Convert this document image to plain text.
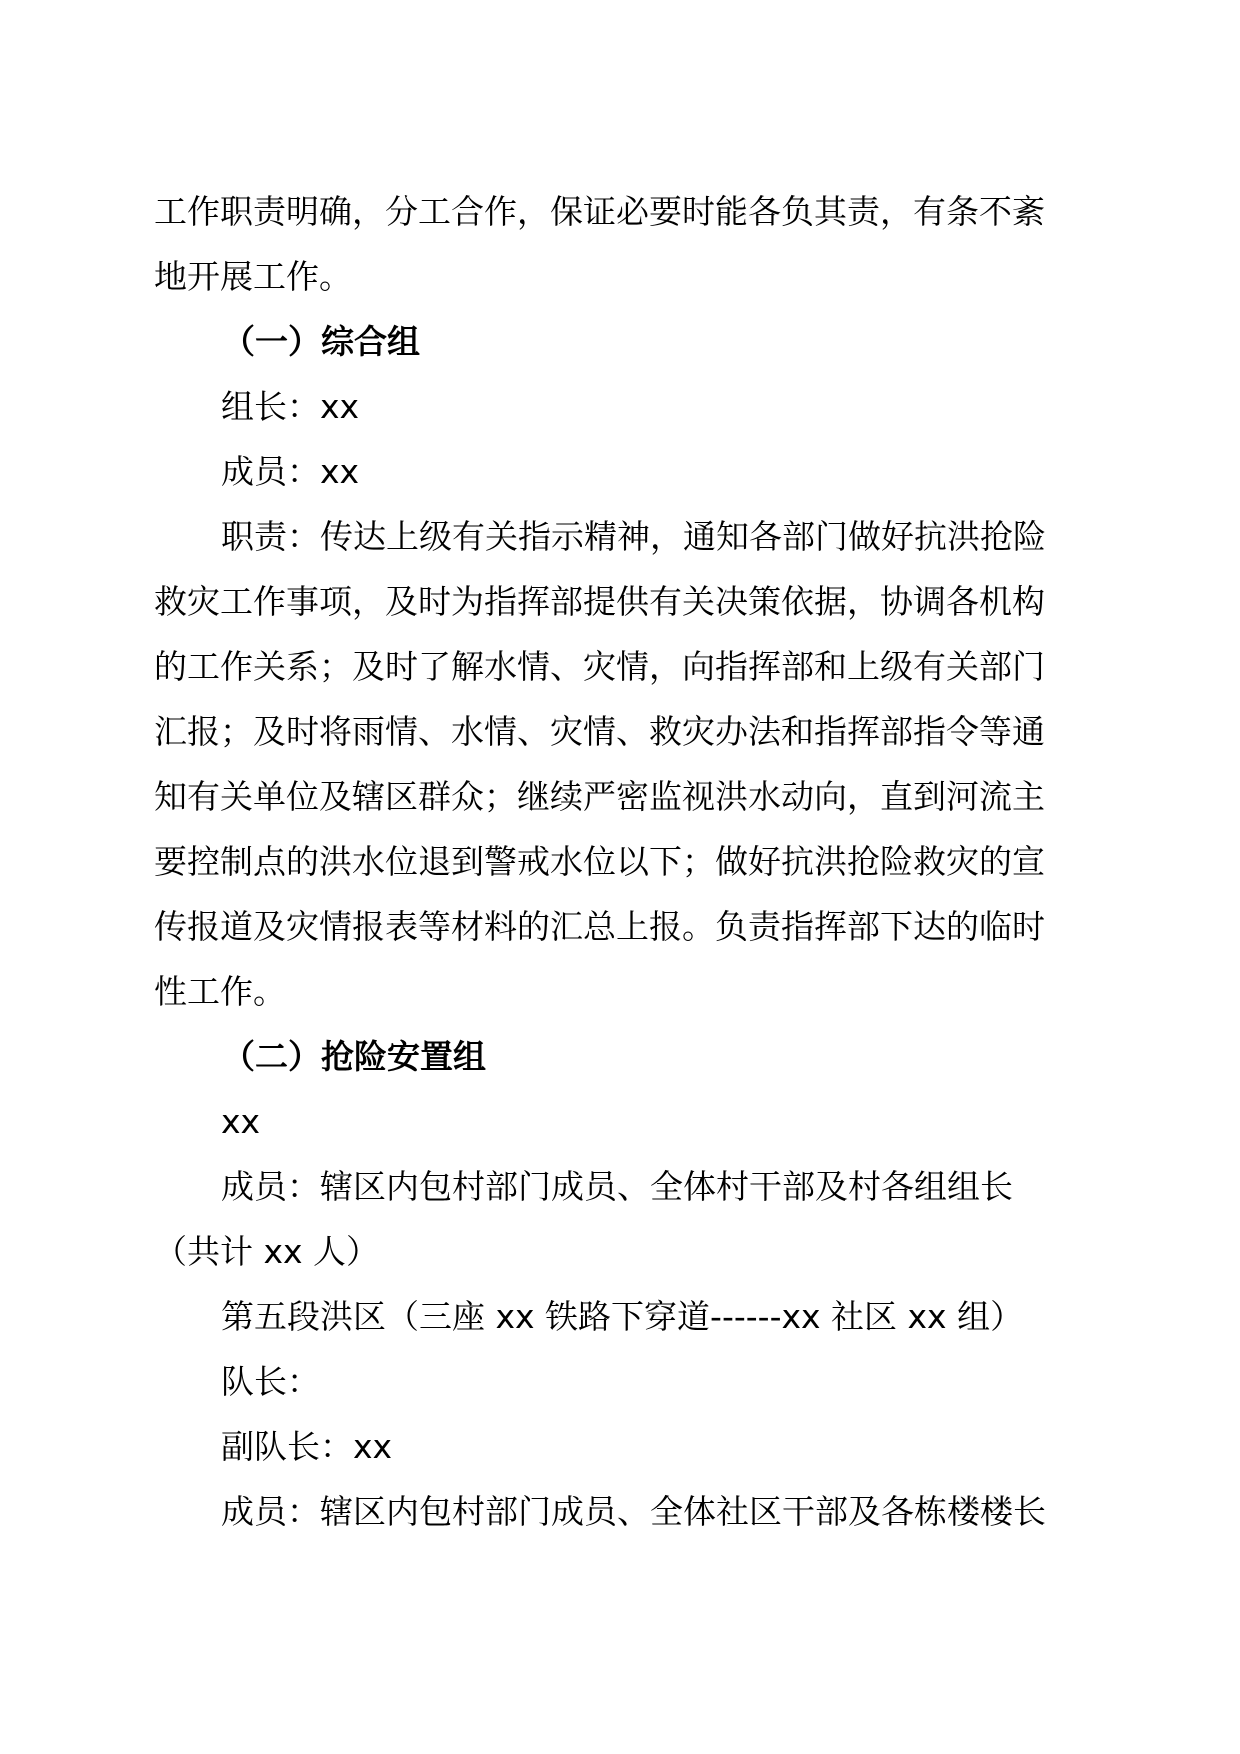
工作职责明确，分工合作，保证必要时能各负其责，有条不紊
地开展工作。
（一）综合组
组长：xx
成员：xx
职责：传达上级有关指示精神，通知各部门做好抗洪抢险
救灾工作事项，及时为指挥部提供有关决策依据，协调各机构
的工作关系；及时了解水情、灾情，向指挥部和上级有关部门
汇报；及时将雨情、水情、灾情、救灾办法和指挥部指令等通
知有关单位及辖区群众；继续严密监视洪水动向，直到河流主
要控制点的洪水位退到警戒水位以下；做好抗洪抢险救灾的宣
传报道及灾情报表等材料的汇总上报。负责指挥部下达的临时
性工作。
（二）抢险安置组
xx
成员：辖区内包村部门成员、全体村干部及村各组组长
（共计 xx 人）
第五段洪区（三座 xx 铁路下穿道------xx 社区 xx 组）
队长：
副队长：xx
成员：辖区内包村部门成员、全体社区干部及各栋楼楼长
